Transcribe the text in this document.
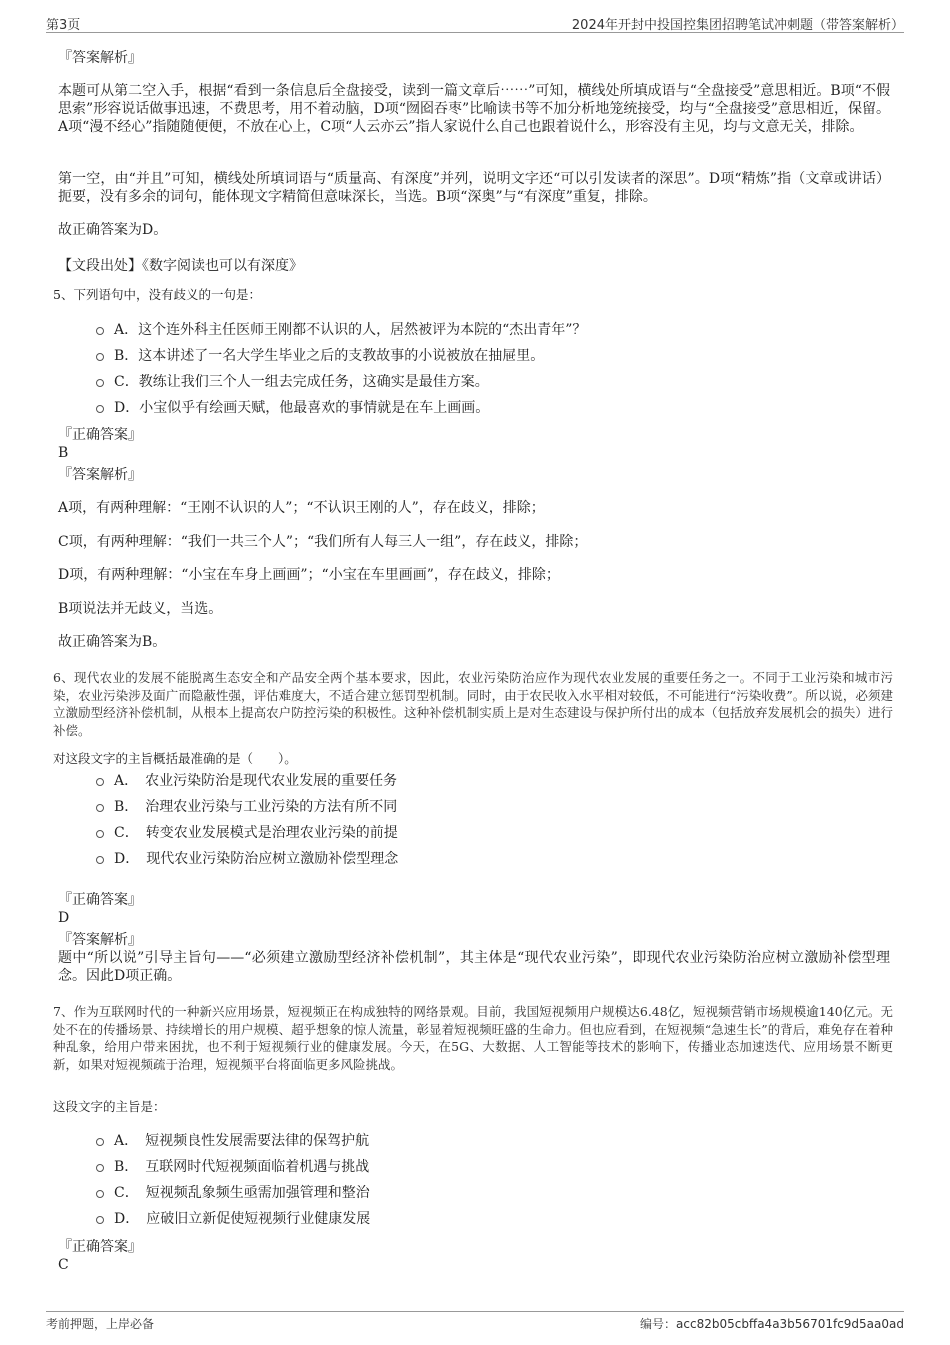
第3页	2024年开封中投国控集团招聘笔试冲刺题（带答案解析）
『答案解析』
本题可从第二空入手，根据“看到一条信息后全盘接受，读到一篇文章后⋯⋯”可知，横线处所填成语与“全盘接受”意思相近。B项“不假思索”形容说话做事迅速，不费思考，用不着动脑，D项“囫囵吞枣”比喻读书等不加分析地笼统接受，均与“全盘接受”意思相近，保留。A项“漫不经心”指随随便便，不放在心上，C项“人云亦云”指人家说什么自己也跟着说什么，形容没有主见，均与文意无关，排除。
第一空，由“并且”可知，横线处所填词语与“质量高、有深度”并列，说明文字还“可以引发读者的深思”。D项“精炼”指（文章或讲话）扼要，没有多余的词句，能体现文字精简但意味深长，当选。B项“深奥”与“有深度”重复，排除。
故正确答案为D。
【文段出处】《数字阅读也可以有深度》
5、下列语句中，没有歧义的一句是：
A．这个连外科主任医师王刚都不认识的人，居然被评为本院的“杰出青年”？
B．这本讲述了一名大学生毕业之后的支教故事的小说被放在抽屉里。
C．教练让我们三个人一组去完成任务，这确实是最佳方案。
D．小宝似乎有绘画天赋，他最喜欢的事情就是在车上画画。
『正确答案』
B
『答案解析』
A项，有两种理解：“王刚不认识的人”；“不认识王刚的人”，存在歧义，排除；
C项，有两种理解：“我们一共三个人”；“我们所有人每三人一组”，存在歧义，排除；
D项，有两种理解：“小宝在车身上画画”；“小宝在车里画画”，存在歧义，排除；
B项说法并无歧义，当选。
故正确答案为B。
6、现代农业的发展不能脱离生态安全和产品安全两个基本要求，因此，农业污染防治应作为现代农业发展的重要任务之一。不同于工业污染和城市污染，农业污染涉及面广而隐蔽性强，评估难度大，不适合建立惩罚型机制。同时，由于农民收入水平相对较低，不可能进行“污染收费”。所以说，必须建立激励型经济补偿机制，从根本上提高农户防控污染的积极性。这种补偿机制实质上是对生态建设与保护所付出的成本（包括放弃发展机会的损失）进行补偿。
对这段文字的主旨概括最准确的是（　　）。
A．　农业污染防治是现代农业发展的重要任务
B．　治理农业污染与工业污染的方法有所不同
C．　转变农业发展模式是治理农业污染的前提
D．　现代农业污染防治应树立激励补偿型理念
『正确答案』
D
『答案解析』
题中“所以说”引导主旨句——“必须建立激励型经济补偿机制”，其主体是“现代农业污染”，即现代农业污染防治应树立激励补偿型理念。因此D项正确。
7、作为互联网时代的一种新兴应用场景，短视频正在构成独特的网络景观。目前，我国短视频用户规模达6.48亿，短视频营销市场规模逾140亿元。无处不在的传播场景、持续增长的用户规模、超乎想象的惊人流量，彰显着短视频旺盛的生命力。但也应看到，在短视频“急速生长”的背后，难免存在着种种乱象，给用户带来困扰，也不利于短视频行业的健康发展。今天，在5G、大数据、人工智能等技术的影响下，传播业态加速迭代、应用场景不断更新，如果对短视频疏于治理，短视频平台将面临更多风险挑战。
这段文字的主旨是：
A．　短视频良性发展需要法律的保驾护航
B．　互联网时代短视频面临着机遇与挑战
C．　短视频乱象频生亟需加强管理和整治
D．　应破旧立新促使短视频行业健康发展
『正确答案』
C
考前押题，上岸必备	编号：acc82b05cbffa4a3b56701fc9d5aa0ad
